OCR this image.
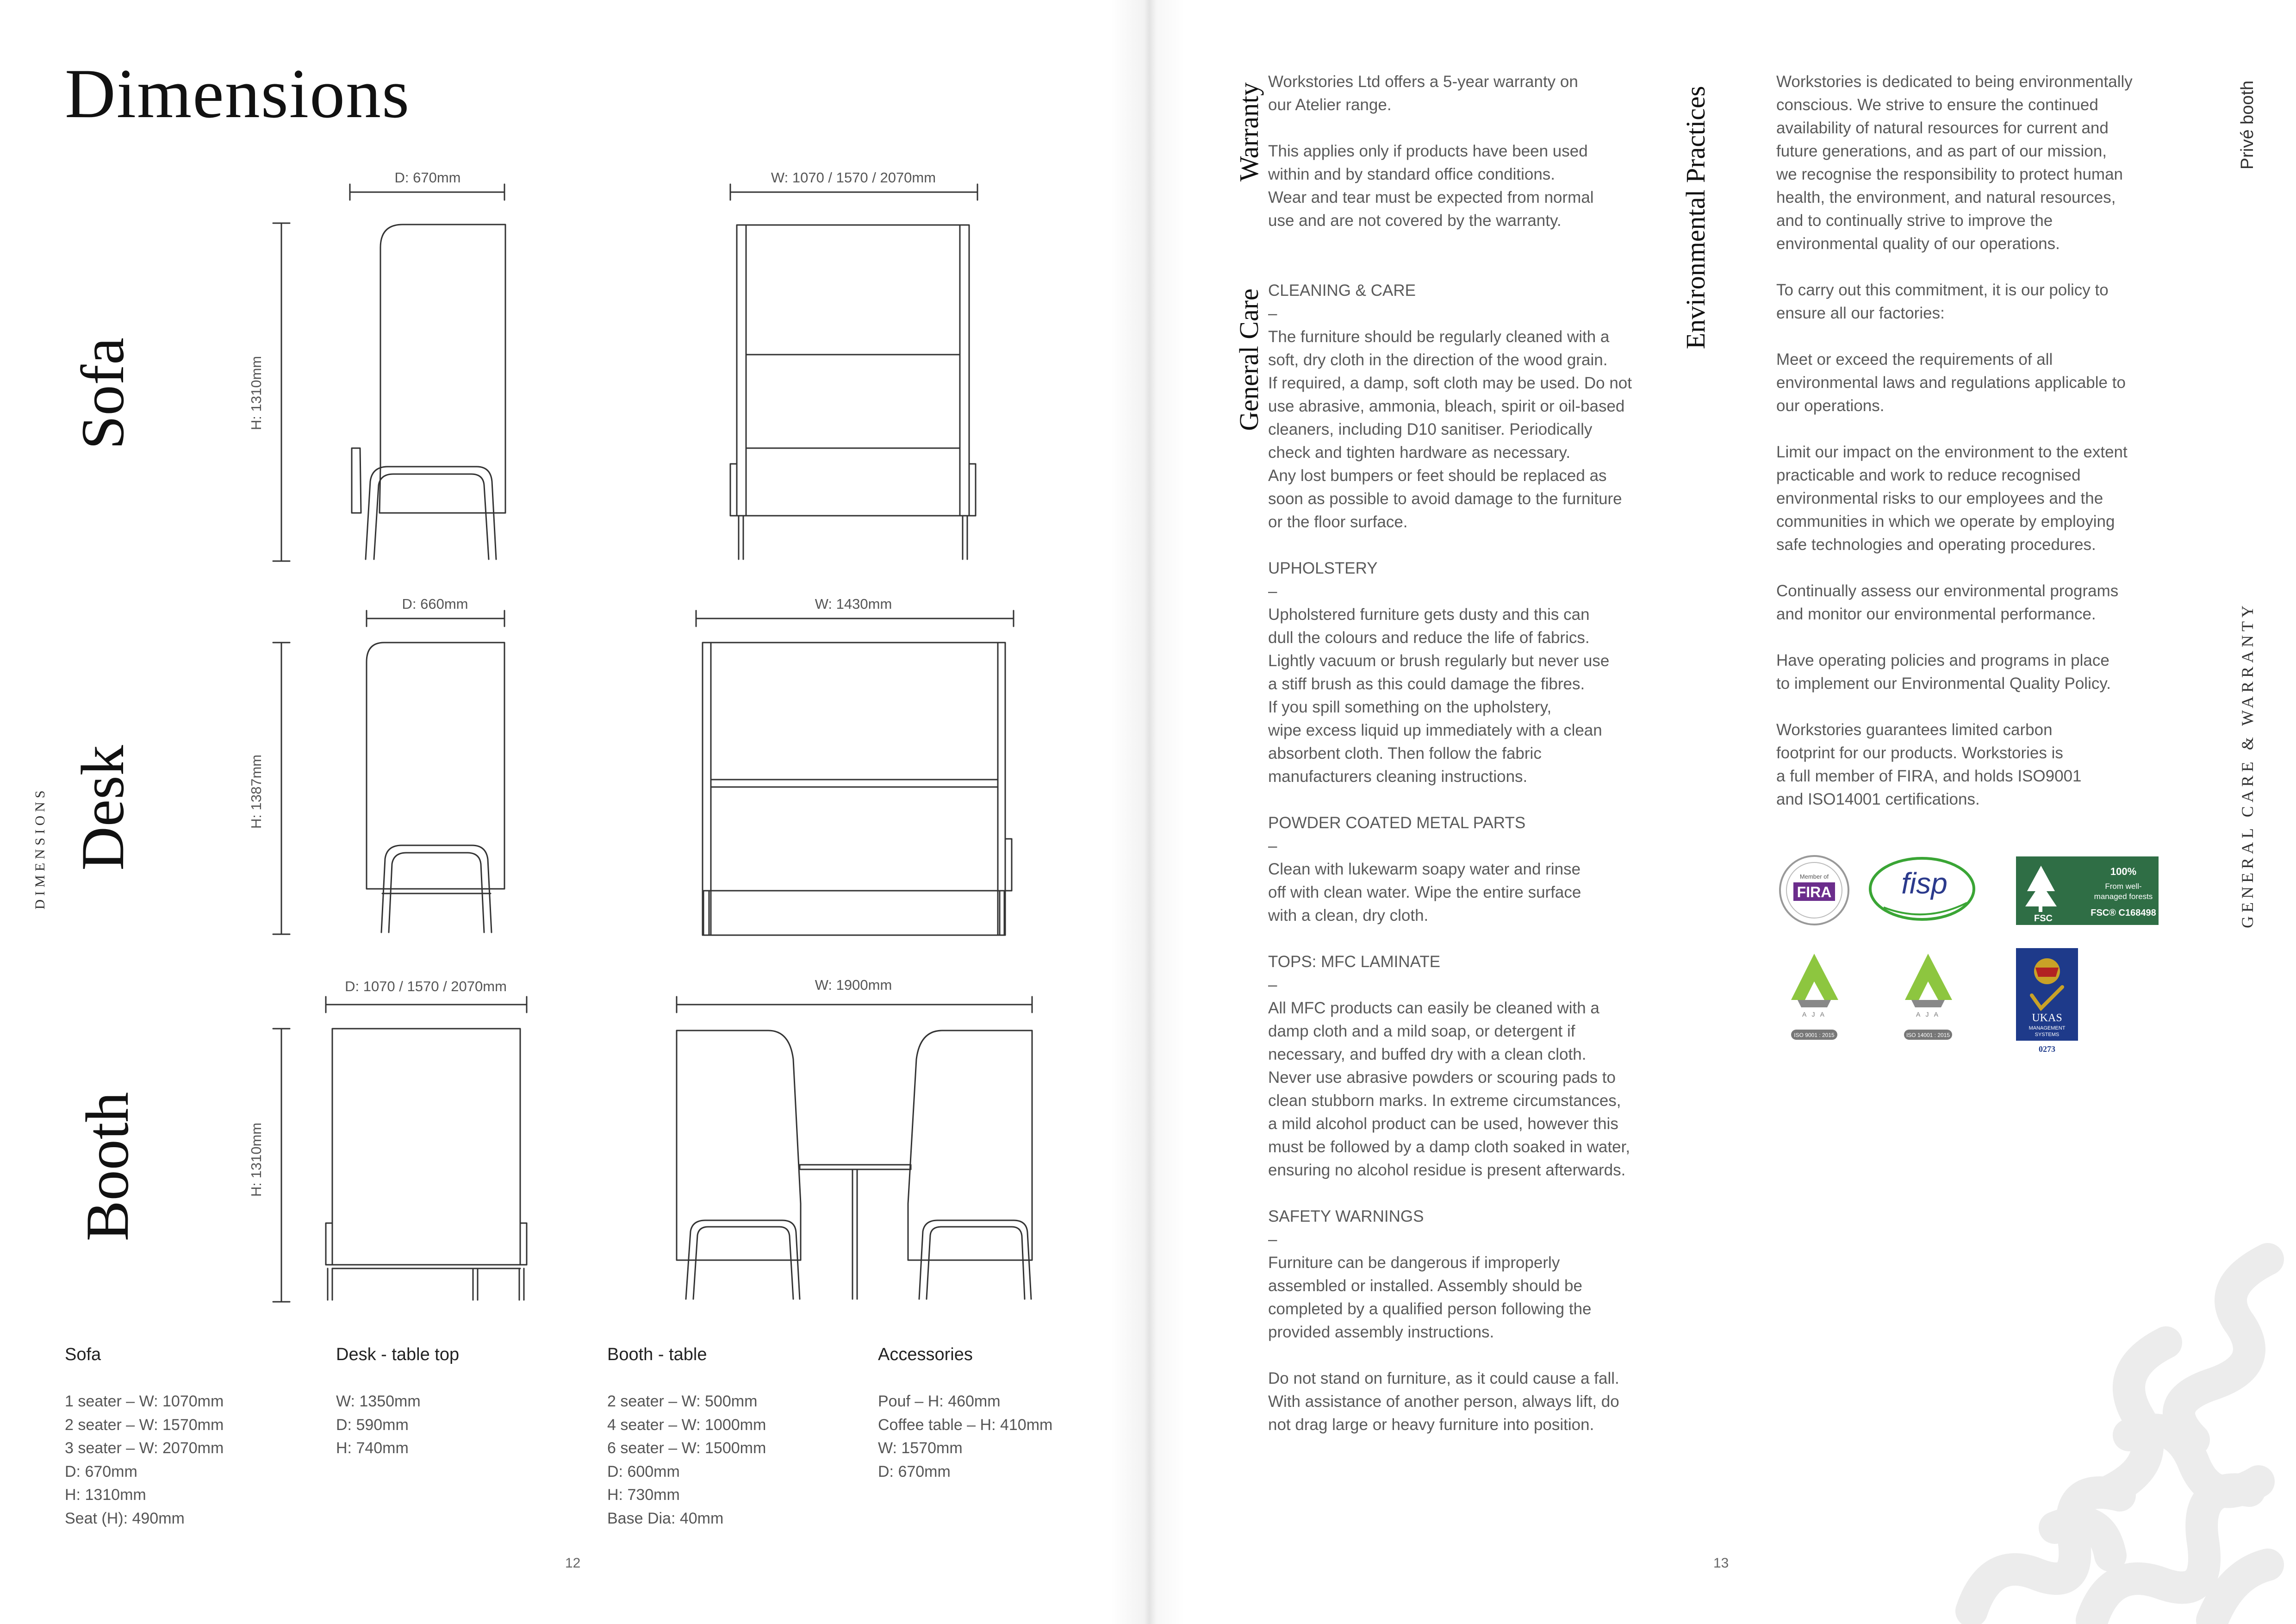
Dimensions
DIMENSIONS
Sofa
Desk
Booth
D: 670mm	W: 1070 / 1570 / 2070mm
H: 1310mm
D: 660mm	W: 1430mm
H: 1387mm
D: 1070 / 1570 / 2070mm	W: 1900mm
H: 1310mm
Sofa
1 seater – W: 1070mm
2 seater – W: 1570mm
3 seater – W: 2070mm
D: 670mm
H: 1310mm
Seat (H): 490mm
Desk - table top
W: 1350mm
D: 590mm
H: 740mm
Booth - table
2 seater – W: 500mm
4 seater – W: 1000mm
6 seater – W: 1500mm
D: 600mm
H: 730mm
Base Dia: 40mm
Accessories
Pouf – H: 460mm
Coffee table – H: 410mm
W: 1570mm
D: 670mm
12
Warranty
General Care
Environmental Practices	Privé booth
GENERAL CARE & WARRANTY

Workstories Ltd offers a 5-year warranty on

our Atelier range.

This applies only if products have been used

within and by standard office conditions.

Wear and tear must be expected from normal

use and are not covered by the warranty.

CLEANING & CARE

–

The furniture should be regularly cleaned with a

soft, dry cloth in the direction of the wood grain.

If required, a damp, soft cloth may be used. Do not

use abrasive, ammonia, bleach, spirit or oil-based

cleaners, including D10 sanitiser. Periodically

check and tighten hardware as necessary.

Any lost bumpers or feet should be replaced as

soon as possible to avoid damage to the furniture

or the floor surface.

UPHOLSTERY

–

Upholstered furniture gets dusty and this can

dull the colours and reduce the life of fabrics.

Lightly vacuum or brush regularly but never use

a stiff brush as this could damage the fibres.

If you spill something on the upholstery,

wipe excess liquid up immediately with a clean

absorbent cloth. Then follow the fabric

manufacturers cleaning instructions.

POWDER COATED METAL PARTS

–

Clean with lukewarm soapy water and rinse

off with clean water. Wipe the entire surface

with a clean, dry cloth.

TOPS: MFC LAMINATE

–

All MFC products can easily be cleaned with a

damp cloth and a mild soap, or detergent if

necessary, and buffed dry with a clean cloth.

Never use abrasive powders or scouring pads to

clean stubborn marks. In extreme circumstances,

a mild alcohol product can be used, however this

must be followed by a damp cloth soaked in water,

ensuring no alcohol residue is present afterwards.

SAFETY WARNINGS

–

Furniture can be dangerous if improperly

assembled or installed. Assembly should be

completed by a qualified person following the

provided assembly instructions.

Do not stand on furniture, as it could cause a fall.

With assistance of another person, always lift, do

not drag large or heavy furniture into position.

Workstories is dedicated to being environmentally

conscious. We strive to ensure the continued

availability of natural resources for current and

future generations, and as part of our mission,

we recognise the responsibility to protect human

health, the environment, and natural resources,

and to continually strive to improve the

environmental quality of our operations.

To carry out this commitment, it is our policy to

ensure all our factories:

Meet or exceed the requirements of all

environmental laws and regulations applicable to

our operations.

Limit our impact on the environment to the extent

practicable and work to reduce recognised

environmental risks to our employees and the

communities in which we operate by employing

safe technologies and operating procedures.

Continually assess our environmental programs

and monitor our environmental performance.

Have operating policies and programs in place

to implement our Environmental Quality Policy.

Workstories guarantees limited carbon

footprint for our products. Workstories is

a full member of FIRA, and holds ISO9001

and ISO14001 certifications.

Member of
FIRA fisp
FSC
100%
From well-
managed forests
FSC® C168498
A J A
ISO 9001 : 2015
A J A
ISO 14001 : 2015
UKAS
MANAGEMENT
SYSTEMS
0273
13
